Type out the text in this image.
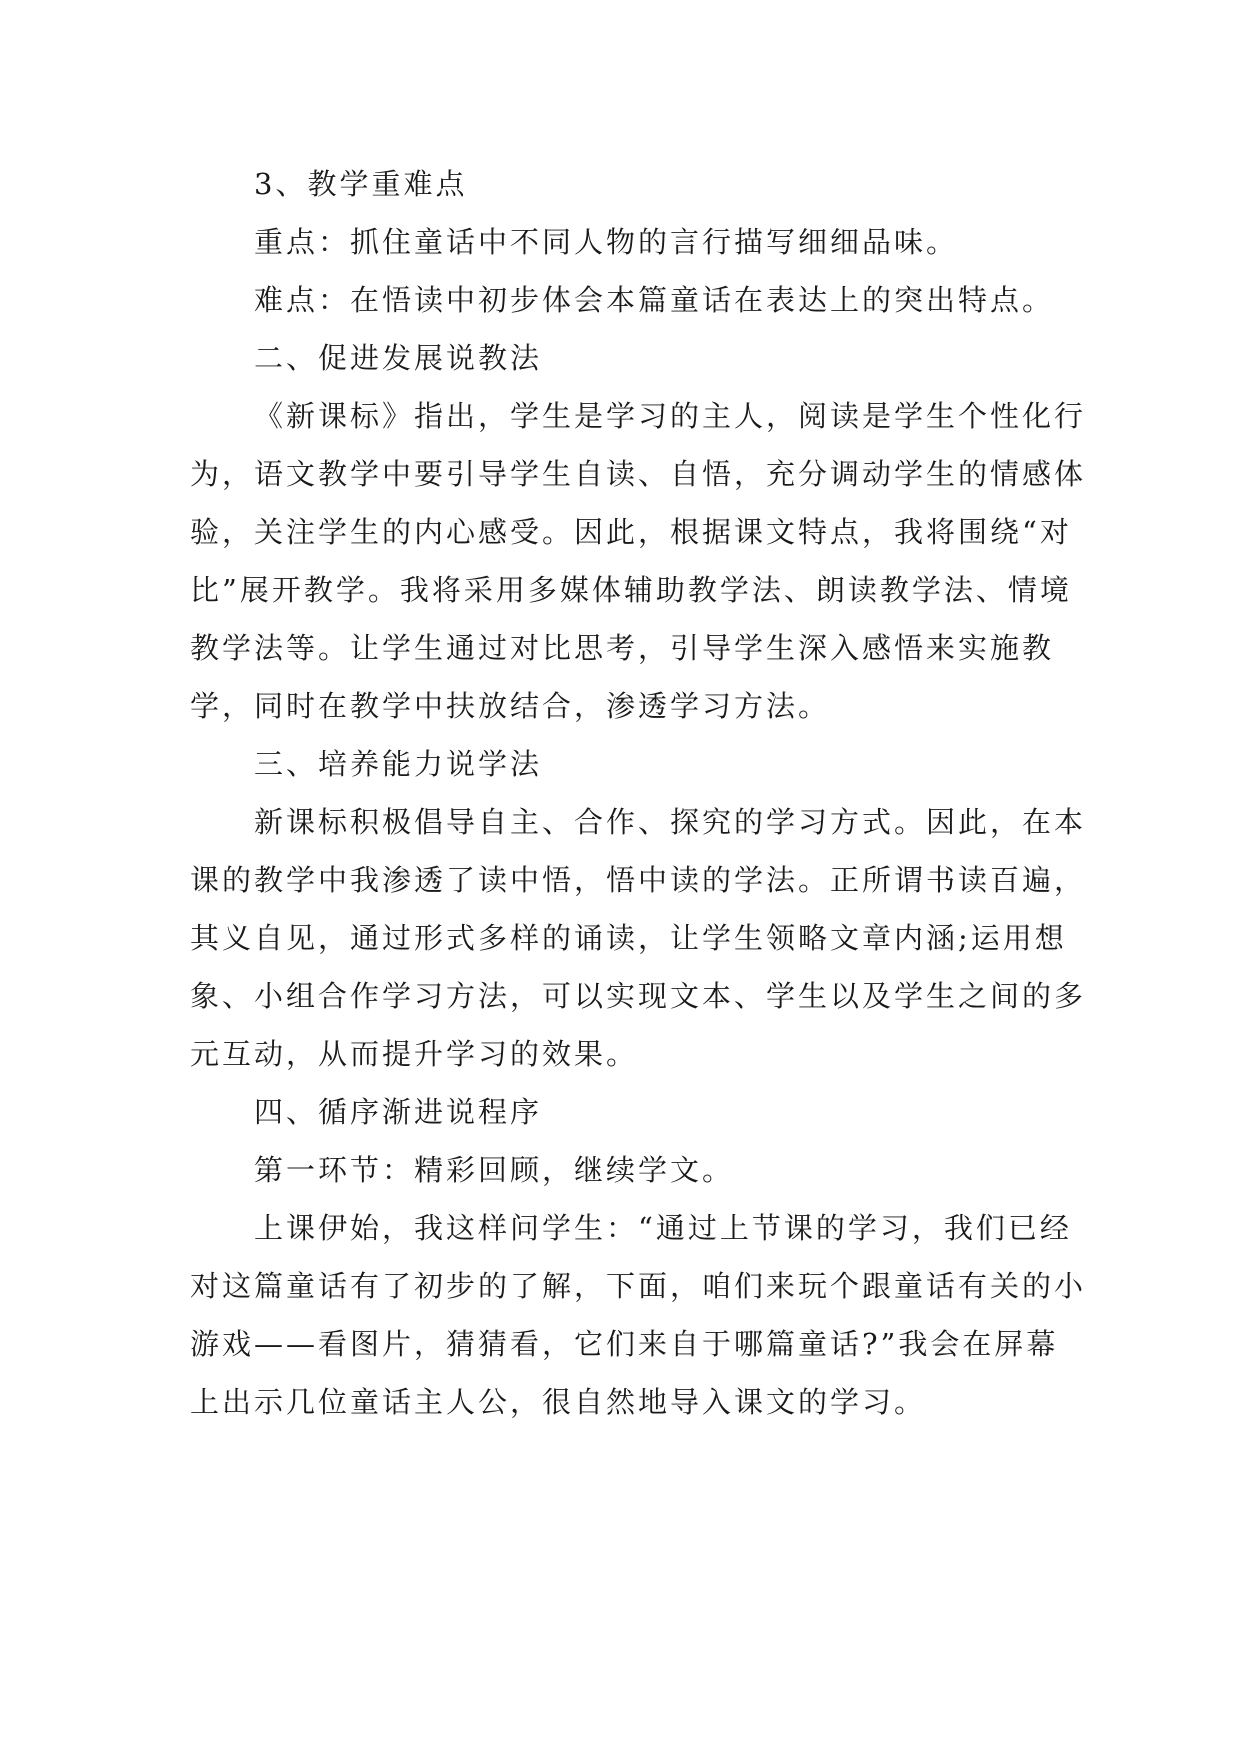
3、教学重难点

重点：抓住童话中不同人物的言行描写细细品味。

难点：在悟读中初步体会本篇童话在表达上的突出特点。

二、促进发展说教法

《新课标》指出，学生是学习的主人，阅读是学生个性化行为，语文教学中要引导学生自读、自悟，充分调动学生的情感体验，关注学生的内心感受。因此，根据课文特点，我将围绕“对比”展开教学。我将采用多媒体辅助教学法、朗读教学法、情境教学法等。让学生通过对比思考，引导学生深入感悟来实施教学，同时在教学中扶放结合，渗透学习方法。

三、培养能力说学法

新课标积极倡导自主、合作、探究的学习方式。因此，在本课的教学中我渗透了读中悟，悟中读的学法。正所谓书读百遍，其义自见，通过形式多样的诵读，让学生领略文章内涵;运用想象、小组合作学习方法，可以实现文本、学生以及学生之间的多元互动，从而提升学习的效果。

四、循序渐进说程序

第一环节：精彩回顾，继续学文。

上课伊始，我这样问学生：“通过上节课的学习，我们已经对这篇童话有了初步的了解，下面，咱们来玩个跟童话有关的小游戏——看图片，猜猜看，它们来自于哪篇童话?”我会在屏幕上出示几位童话主人公，很自然地导入课文的学习。
